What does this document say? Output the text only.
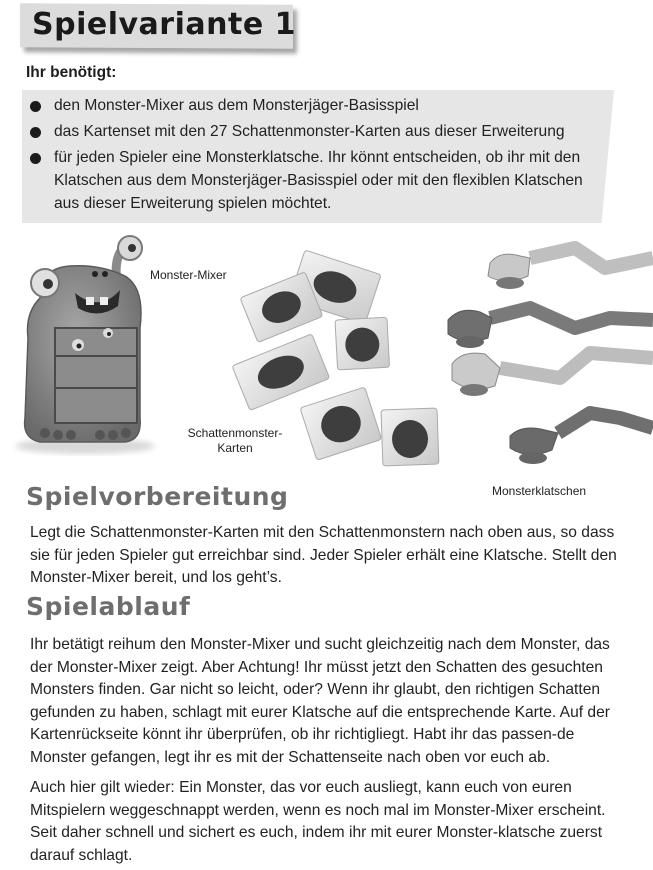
Spielvariante 1
Ihr benötigt:
den Monster-Mixer aus dem Monsterjäger-Basisspiel
das Kartenset mit den 27 Schattenmonster-Karten aus dieser Erweiterung
für jeden Spieler eine Monsterklatsche. Ihr könnt entscheiden, ob ihr mit den Klatschen aus dem Monsterjäger-Basisspiel oder mit den flexiblen Klatschen aus dieser Erweiterung spielen möchtet.
Monster-Mixer
Schattenmonster-
Karten
Monsterklatschen
Spielvorbereitung

Legt die Schattenmonster-Karten mit den Schattenmonstern nach oben aus, so dass sie für jeden Spieler gut erreichbar sind. Jeder Spieler erhält eine Klatsche. Stellt den Monster-Mixer bereit, und los geht’s.

Spielablauf

Ihr betätigt reihum den Monster-Mixer und sucht gleichzeitig nach dem Monster, das der Monster-Mixer zeigt. Aber Achtung! Ihr müsst jetzt den Schatten des gesuchten Monsters finden. Gar nicht so leicht, oder? Wenn ihr glaubt, den richtigen Schatten gefunden zu haben, schlagt mit eurer Klatsche auf die entsprechende Karte. Auf der Kartenrückseite könnt ihr überprüfen, ob ihr richtigliegt. Habt ihr das passen-de Monster gefangen, legt ihr es mit der Schattenseite nach oben vor euch ab.

Auch hier gilt wieder: Ein Monster, das vor euch ausliegt, kann euch von euren Mitspielern weggeschnappt werden, wenn es noch mal im Monster-Mixer erscheint. Seit daher schnell und sichert es euch, indem ihr mit eurer Monster-klatsche zuerst darauf schlagt.
